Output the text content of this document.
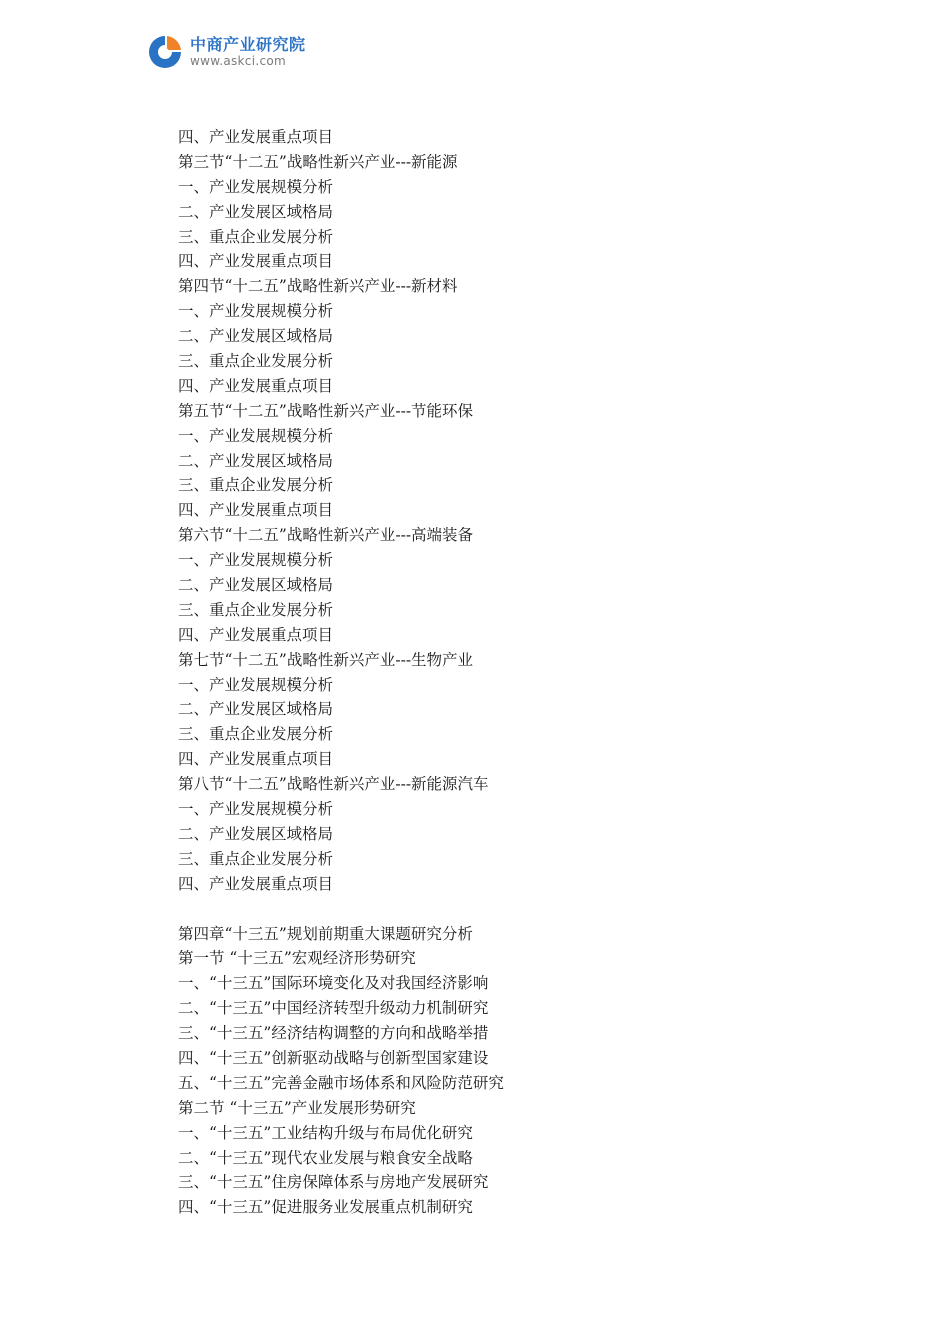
中商产业研究院
www.askci.com
四、产业发展重点项目
第三节“十二五”战略性新兴产业---新能源
一、产业发展规模分析
二、产业发展区域格局
三、重点企业发展分析
四、产业发展重点项目
第四节“十二五”战略性新兴产业---新材料
一、产业发展规模分析
二、产业发展区域格局
三、重点企业发展分析
四、产业发展重点项目
第五节“十二五”战略性新兴产业---节能环保
一、产业发展规模分析
二、产业发展区域格局
三、重点企业发展分析
四、产业发展重点项目
第六节“十二五”战略性新兴产业---高端装备
一、产业发展规模分析
二、产业发展区域格局
三、重点企业发展分析
四、产业发展重点项目
第七节“十二五”战略性新兴产业---生物产业
一、产业发展规模分析
二、产业发展区域格局
三、重点企业发展分析
四、产业发展重点项目
第八节“十二五”战略性新兴产业---新能源汽车
一、产业发展规模分析
二、产业发展区域格局
三、重点企业发展分析
四、产业发展重点项目
第四章“十三五”规划前期重大课题研究分析
第一节 “十三五”宏观经济形势研究
一、“十三五”国际环境变化及对我国经济影响
二、“十三五”中国经济转型升级动力机制研究
三、“十三五”经济结构调整的方向和战略举措
四、“十三五”创新驱动战略与创新型国家建设
五、“十三五”完善金融市场体系和风险防范研究
第二节 “十三五”产业发展形势研究
一、“十三五”工业结构升级与布局优化研究
二、“十三五”现代农业发展与粮食安全战略
三、“十三五”住房保障体系与房地产发展研究
四、“十三五”促进服务业发展重点机制研究
